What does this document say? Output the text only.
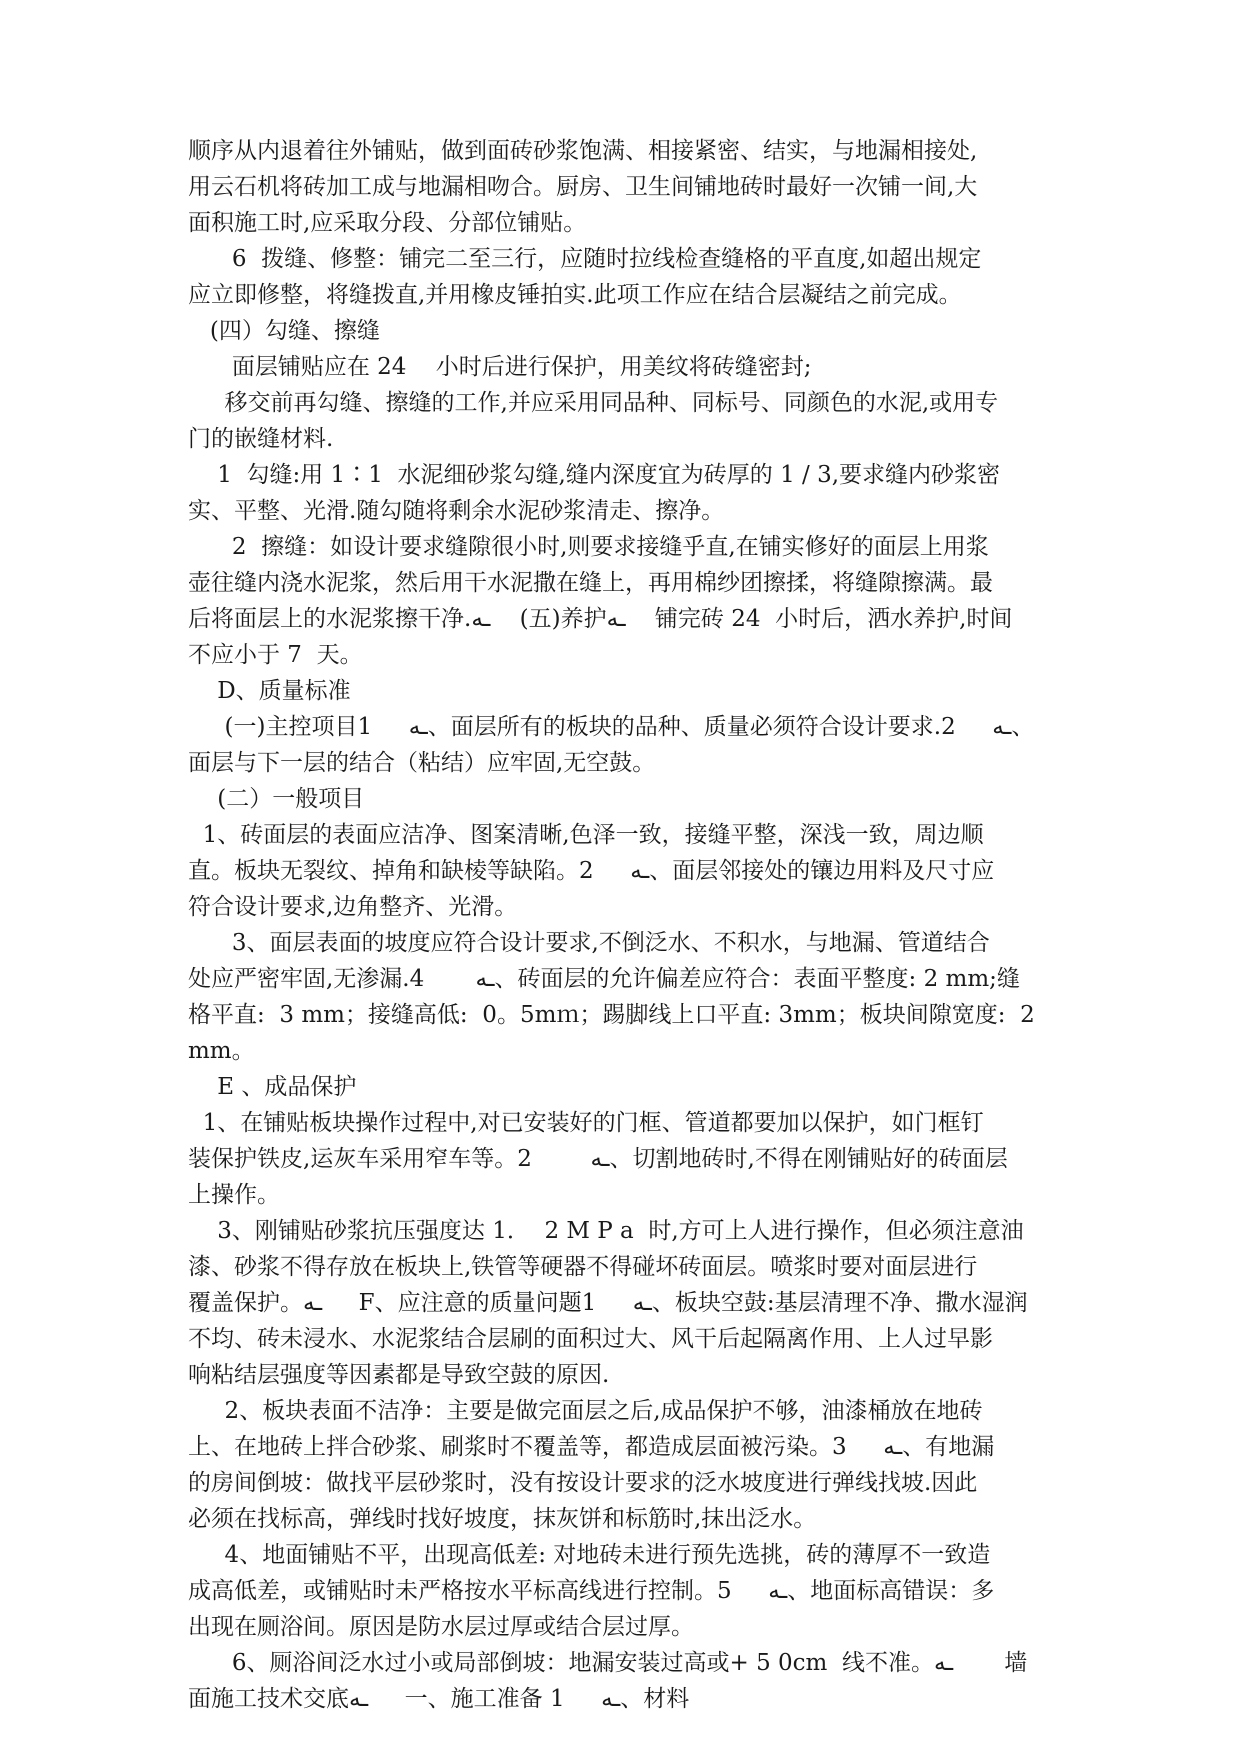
顺序从内退着往外铺贴，做到面砖砂浆饱满、相接紧密、结实，与地漏相接处,
用云石机将砖加工成与地漏相吻合。厨房、卫生间铺地砖时最好一次铺一间,大
面积施工时,应采取分段、分部位铺贴。
6  拨缝、修整：铺完二至三行，应随时拉线检查缝格的平直度,如超出规定
应立即修整，将缝拨直,并用橡皮锤拍实.此项工作应在结合层凝结之前完成。
(四）勾缝、擦缝
面层铺贴应在 24    小时后进行保护，用美纹将砖缝密封;
移交前再勾缝、擦缝的工作,并应采用同品种、同标号、同颜色的水泥,或用专
门的嵌缝材料.
1  勾缝:用 1∶1  水泥细砂浆勾缝,缝内深度宜为砖厚的 1 / 3,要求缝内砂浆密
实、平整、光滑.随勾随将剩余水泥砂浆清走、擦净。
2  擦缝：如设计要求缝隙很小时,则要求接缝乎直,在铺实修好的面层上用浆
壶往缝内浇水泥浆，然后用干水泥撒在缝上，再用棉纱团擦揉，将缝隙擦满。最
后将面层上的水泥浆擦干净.ـه    (五)养护ـه    铺完砖 24  小时后，洒水养护,时间
不应小于 7  天。
D、质量标准
(一)主控项目1     ـه、面层所有的板块的品种、质量必须符合设计要求.2     ـه、
面层与下一层的结合（粘结）应牢固,无空鼓。
(二）一般项目
1、砖面层的表面应洁净、图案清晰,色泽一致，接缝平整，深浅一致，周边顺
直。板块无裂纹、掉角和缺棱等缺陷。2     ـه、面层邻接处的镶边用料及尺寸应
符合设计要求,边角整齐、光滑。
3、面层表面的坡度应符合设计要求,不倒泛水、不积水，与地漏、管道结合
处应严密牢固,无渗漏.4       ـه、砖面层的允许偏差应符合：表面平整度: 2 mm;缝
格平直:  3 mm；接缝高低:  0。5mｍ；踢脚线上口平直: 3mm；板块间隙宽度:  2
mm。
E 、成品保护
1、在铺贴板块操作过程中,对已安装好的门框、管道都要加以保护，如门框钉
装保护铁皮,运灰车采用窄车等。2        ـه、切割地砖时,不得在刚铺贴好的砖面层
上操作。
3、刚铺贴砂浆抗压强度达 1．  2 M P a  时,方可上人进行操作，但必须注意油
漆、砂浆不得存放在板块上,铁管等硬器不得碰坏砖面层。喷浆时要对面层进行
覆盖保护。ـه     F、应注意的质量问题1     ـه、板块空鼓:基层清理不净、撒水湿润
不均、砖未浸水、水泥浆结合层刷的面积过大、风干后起隔离作用、上人过早影
响粘结层强度等因素都是导致空鼓的原因.
2、板块表面不洁净：主要是做完面层之后,成品保护不够，油漆桶放在地砖
上、在地砖上拌合砂浆、刷浆时不覆盖等，都造成层面被污染。3     ـه、有地漏
的房间倒坡：做找平层砂浆时，没有按设计要求的泛水坡度进行弹线找坡.因此
必须在找标高，弹线时找好坡度，抹灰饼和标筋时,抹出泛水。
4、地面铺贴不平，出现高低差: 对地砖未进行预先选挑，砖的薄厚不一致造
成高低差，或铺贴时未严格按水平标高线进行控制。5     ـه、地面标高错误：多
出现在厕浴间。原因是防水层过厚或结合层过厚。
6、厕浴间泛水过小或局部倒坡：地漏安装过高或+ 5 0cm  线不准。ـه       墙
面施工技术交底ـه     一、施工准备 1     ـه、材料
